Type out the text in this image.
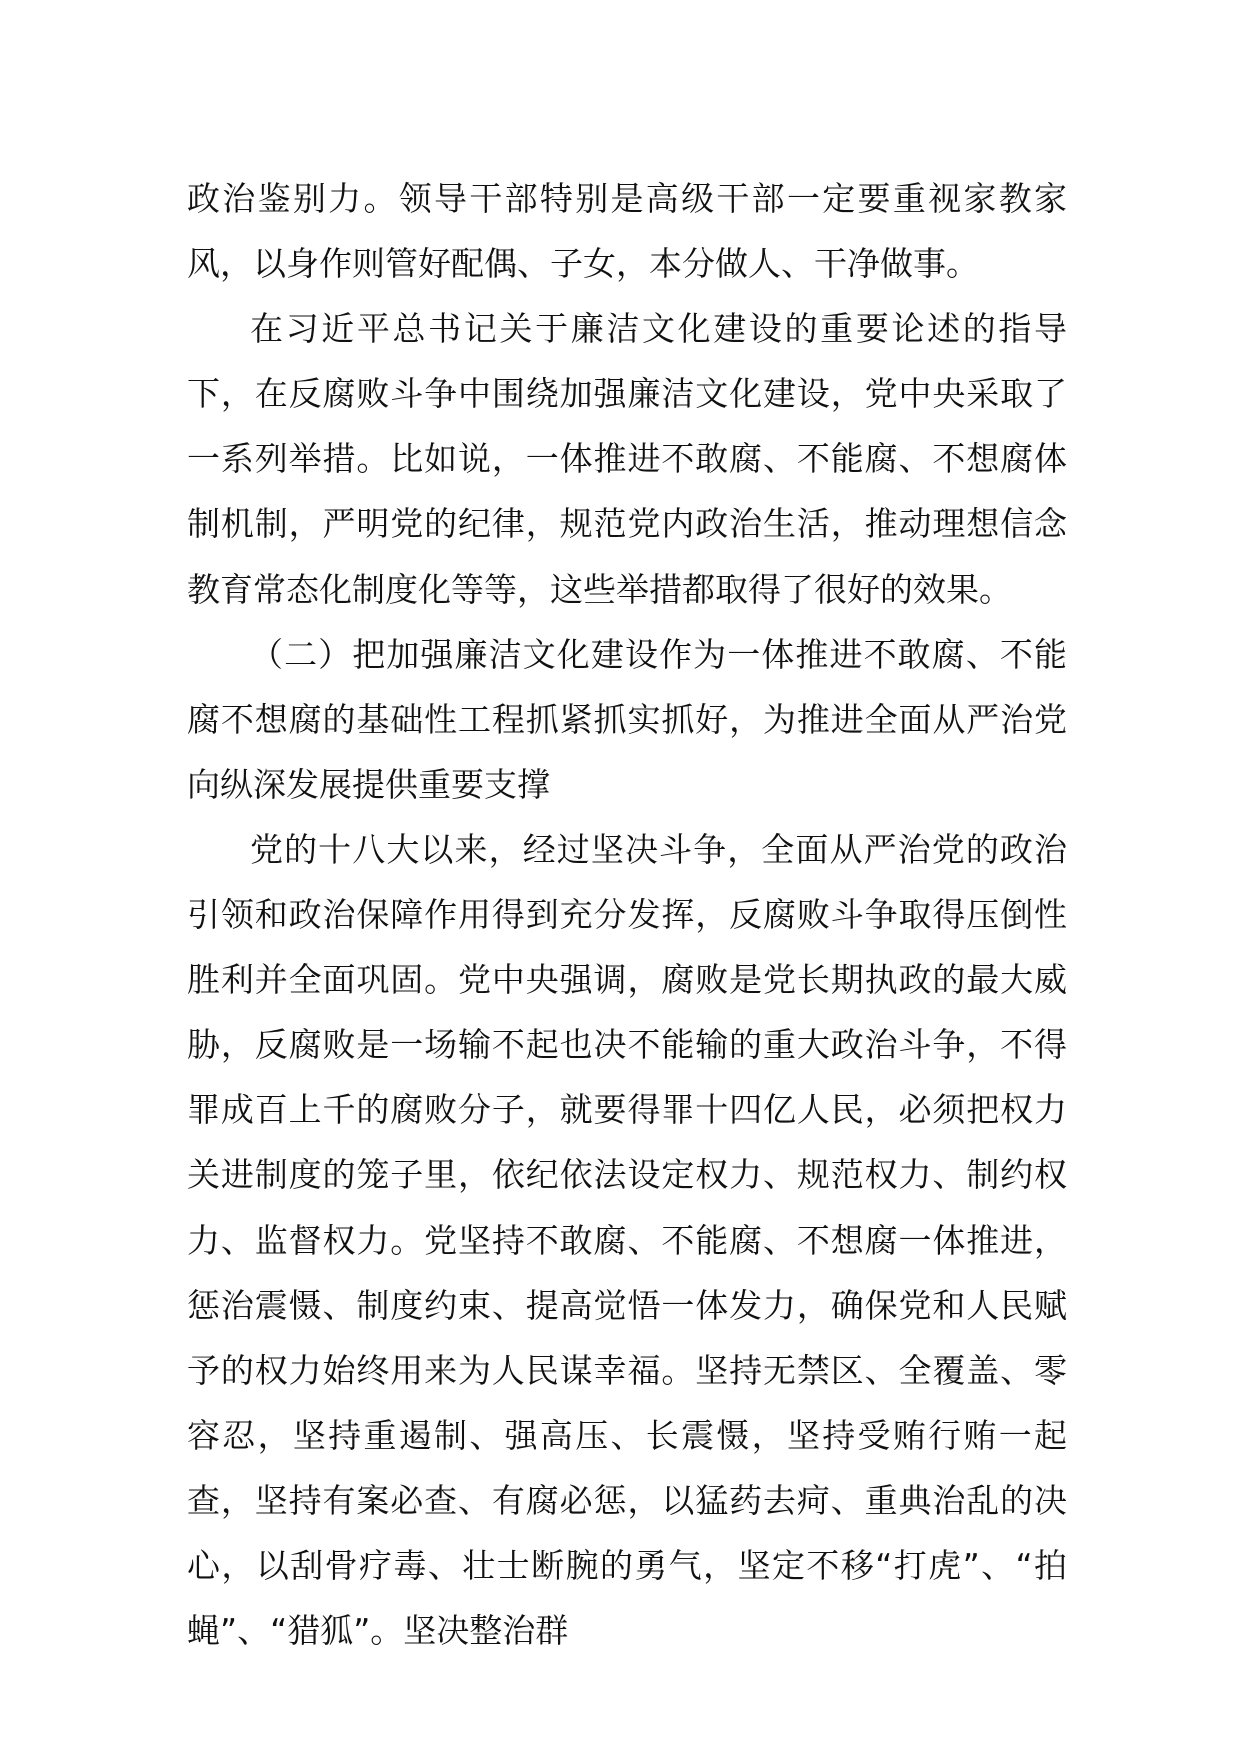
政治鉴别力。领导干部特别是高级干部一定要重视家教家风，以身作则管好配偶、子女，本分做人、干净做事。

在习近平总书记关于廉洁文化建设的重要论述的指导下，在反腐败斗争中围绕加强廉洁文化建设，党中央采取了一系列举措。比如说，一体推进不敢腐、不能腐、不想腐体制机制，严明党的纪律，规范党内政治生活，推动理想信念教育常态化制度化等等，这些举措都取得了很好的效果。

（二）把加强廉洁文化建设作为一体推进不敢腐、不能腐不想腐的基础性工程抓紧抓实抓好，为推进全面从严治党向纵深发展提供重要支撑

党的十八大以来，经过坚决斗争，全面从严治党的政治引领和政治保障作用得到充分发挥，反腐败斗争取得压倒性胜利并全面巩固。党中央强调，腐败是党长期执政的最大威胁，反腐败是一场输不起也决不能输的重大政治斗争，不得罪成百上千的腐败分子，就要得罪十四亿人民，必须把权力关进制度的笼子里，依纪依法设定权力、规范权力、制约权力、监督权力。党坚持不敢腐、不能腐、不想腐一体推进，惩治震慑、制度约束、提高觉悟一体发力，确保党和人民赋予的权力始终用来为人民谋幸福。坚持无禁区、全覆盖、零容忍，坚持重遏制、强高压、长震慑，坚持受贿行贿一起查，坚持有案必查、有腐必惩，以猛药去疴、重典治乱的决心，以刮骨疗毒、壮士断腕的勇气，坚定不移“打虎”、“拍蝇”、“猎狐”。坚决整治群
